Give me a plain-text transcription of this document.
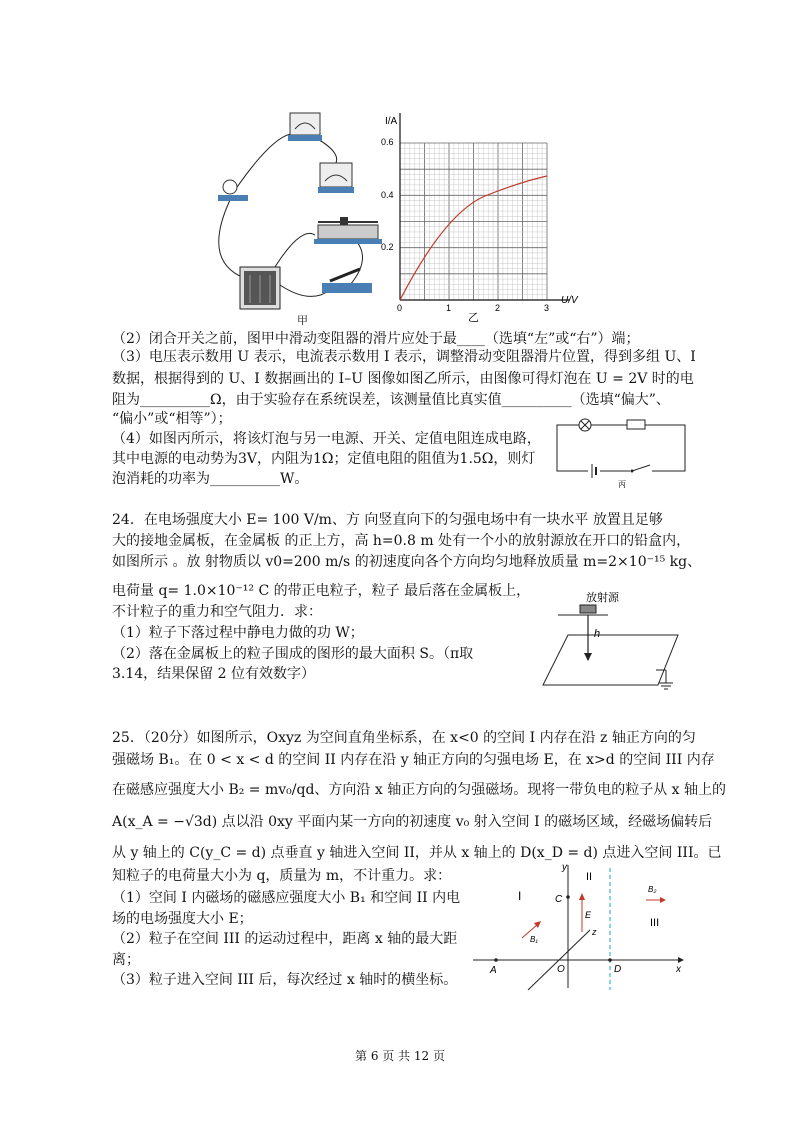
甲
I/A
U/V
0.6
0.4
0.2
0	1	2	3
乙
（2）闭合开关之前，图甲中滑动变阻器的滑片应处于最____（选填“左”或“右”）端；
（3）电压表示数用 U 表示，电流表示数用 I 表示，调整滑动变阻器滑片位置，得到多组 U、I
数据，根据得到的 U、I 数据画出的 I–U 图像如图乙所示，由图像可得灯泡在 U = 2V 时的电
阻为__________Ω，由于实验存在系统误差，该测量值比真实值__________（选填“偏大”、
“偏小”或“相等”）；
（4）如图丙所示，将该灯泡与另一电源、开关、定值电阻连成电路，
其中电源的电动势为3V，内阻为1Ω；定值电阻的阻值为1.5Ω，则灯
泡消耗的功率为__________W。	丙
24．在电场强度大小 E= 100 V/m、方 向竖直向下的匀强电场中有一块水平 放置且足够
大的接地金属板，在金属板 的正上方，高 h=0.8 m 处有一个小的放射源放在开口的铅盒内，
如图所示 。放 射物质以 v0=200 m/s 的初速度向各个方向均匀地释放质量 m=2×10⁻¹⁵ kg、
电荷量 q= 1.0×10⁻¹² C 的带正电粒子，粒子 最后落在金属板上，
不计粒子的重力和空气阻力．求：
（1）粒子下落过程中静电力做的功 W；
（2）落在金属板上的粒子围成的图形的最大面积 S。（π取
3.14，结果保留 2 位有效数字）
放射源
h
25．（20分）如图所示，Oxyz 为空间直角坐标系，在 x<0 的空间 I 内存在沿 z 轴正方向的匀
强磁场 B₁。在 0 < x < d 的空间 II 内存在沿 y 轴正方向的匀强电场 E，在 x>d 的空间 III 内存
在磁感应强度大小 B₂ = mv₀/qd、方向沿 x 轴正方向的匀强磁场。现将一带负电的粒子从 x 轴上的
A(x_A = −√3d) 点以沿 0xy 平面内某一方向的初速度 v₀ 射入空间 I 的磁场区域，经磁场偏转后
从 y 轴上的 C(y_C = d) 点垂直 y 轴进入空间 II，并从 x 轴上的 D(x_D = d) 点进入空间 III。已
知粒子的电荷量大小为 q，质量为 m，不计重力。求：
（1）空间 I 内磁场的磁感应强度大小 B₁ 和空间 II 内电
场的电场强度大小 E；
（2）粒子在空间 III 的运动过程中，距离 x 轴的最大距
离；
（3）粒子进入空间 III 后，每次经过 x 轴时的横坐标。
x
y
z
I
II
III
C
A	O	D
E
B₁
B₂
第 6 页 共 12 页
